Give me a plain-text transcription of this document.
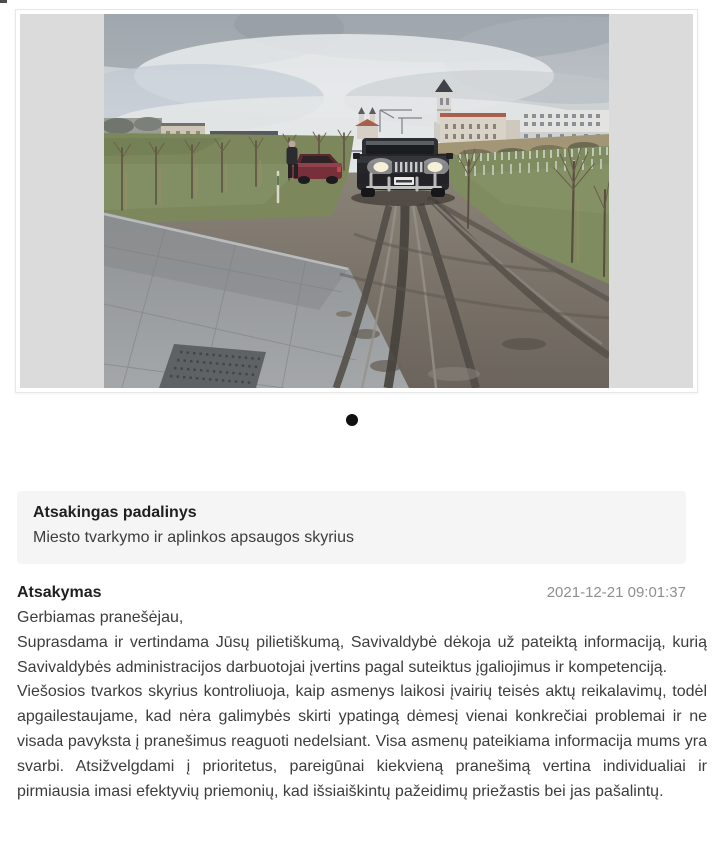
Atsakingas padalinys

Miesto tvarkymo ir aplinkos apsaugos skyrius

Atsakymas	2021-12-21 09:01:37

Gerbiamas pranešėjau,

Suprasdama ir vertindama Jūsų pilietiškumą, Savivaldybė dėkoja už pateiktą informaciją, kurią Savivaldybės administracijos darbuotojai įvertins pagal suteiktus įgaliojimus ir kompetenciją.

Viešosios tvarkos skyrius kontroliuoja, kaip asmenys laikosi įvairių teisės aktų reikalavimų, todėl apgailestaujame, kad nėra galimybės skirti ypatingą dėmesį vienai konkrečiai problemai ir ne visada pavyksta į pranešimus reaguoti nedelsiant. Visa asmenų pateikiama informacija mums yra svarbi. Atsižvelgdami į prioritetus, pareigūnai kiekvieną pranešimą vertina individualiai ir pirmiausia imasi efektyvių priemonių, kad išsiaiškintų pažeidimų priežastis bei jas pašalintų.
